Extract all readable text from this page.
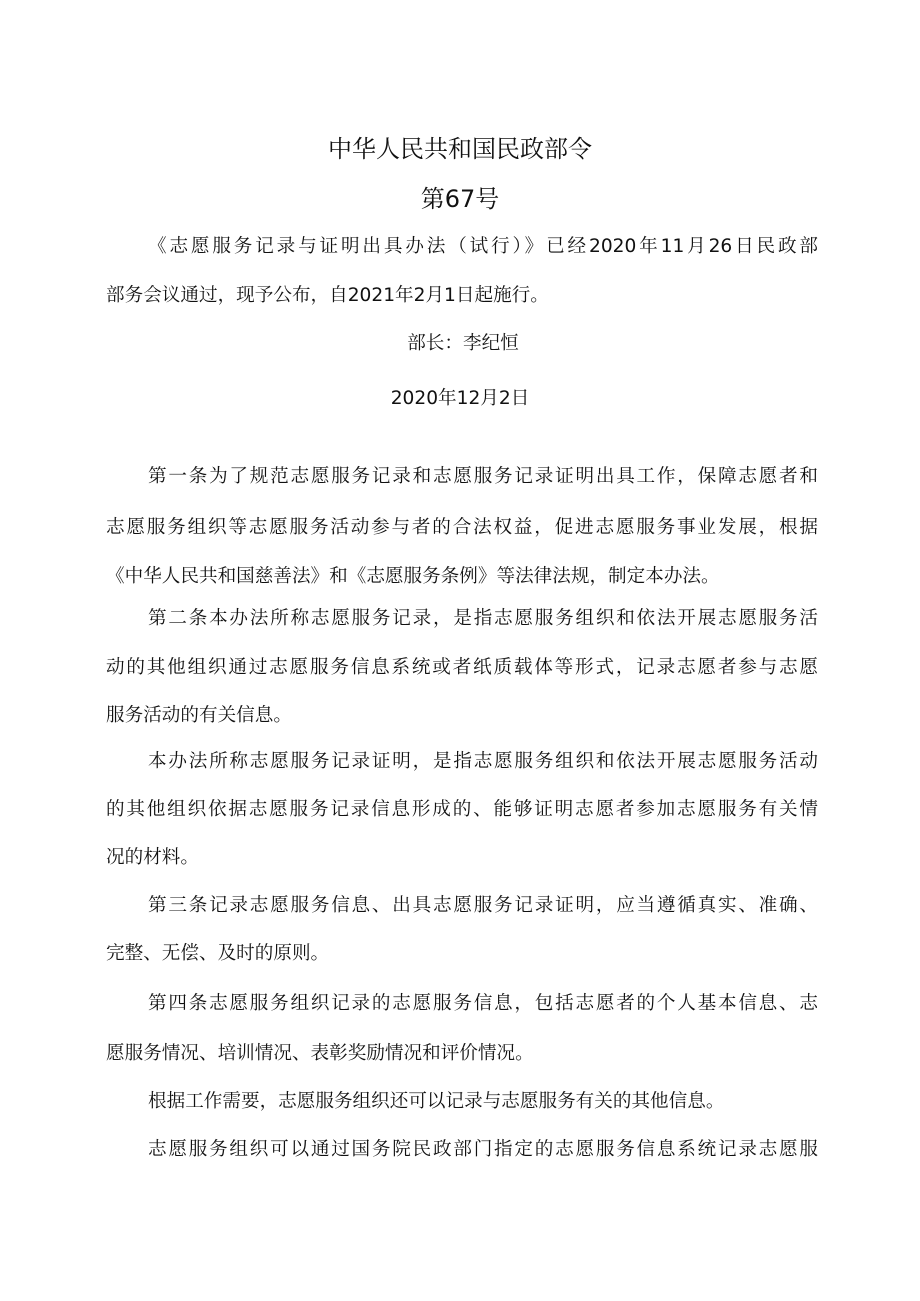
中华人民共和国民政部令
第67号
《志愿服务记录与证明出具办法（试行）》已经2020年11月26日民政部
部务会议通过，现予公布，自2021年2月1日起施行。
部长：李纪恒
2020年12月2日
第一条为了规范志愿服务记录和志愿服务记录证明出具工作，保障志愿者和
志愿服务组织等志愿服务活动参与者的合法权益，促进志愿服务事业发展，根据
《中华人民共和国慈善法》和《志愿服务条例》等法律法规，制定本办法。
第二条本办法所称志愿服务记录，是指志愿服务组织和依法开展志愿服务活
动的其他组织通过志愿服务信息系统或者纸质载体等形式，记录志愿者参与志愿
服务活动的有关信息。
本办法所称志愿服务记录证明，是指志愿服务组织和依法开展志愿服务活动
的其他组织依据志愿服务记录信息形成的、能够证明志愿者参加志愿服务有关情
况的材料。
第三条记录志愿服务信息、出具志愿服务记录证明，应当遵循真实、准确、
完整、无偿、及时的原则。
第四条志愿服务组织记录的志愿服务信息，包括志愿者的个人基本信息、志
愿服务情况、培训情况、表彰奖励情况和评价情况。
根据工作需要，志愿服务组织还可以记录与志愿服务有关的其他信息。
志愿服务组织可以通过国务院民政部门指定的志愿服务信息系统记录志愿服
